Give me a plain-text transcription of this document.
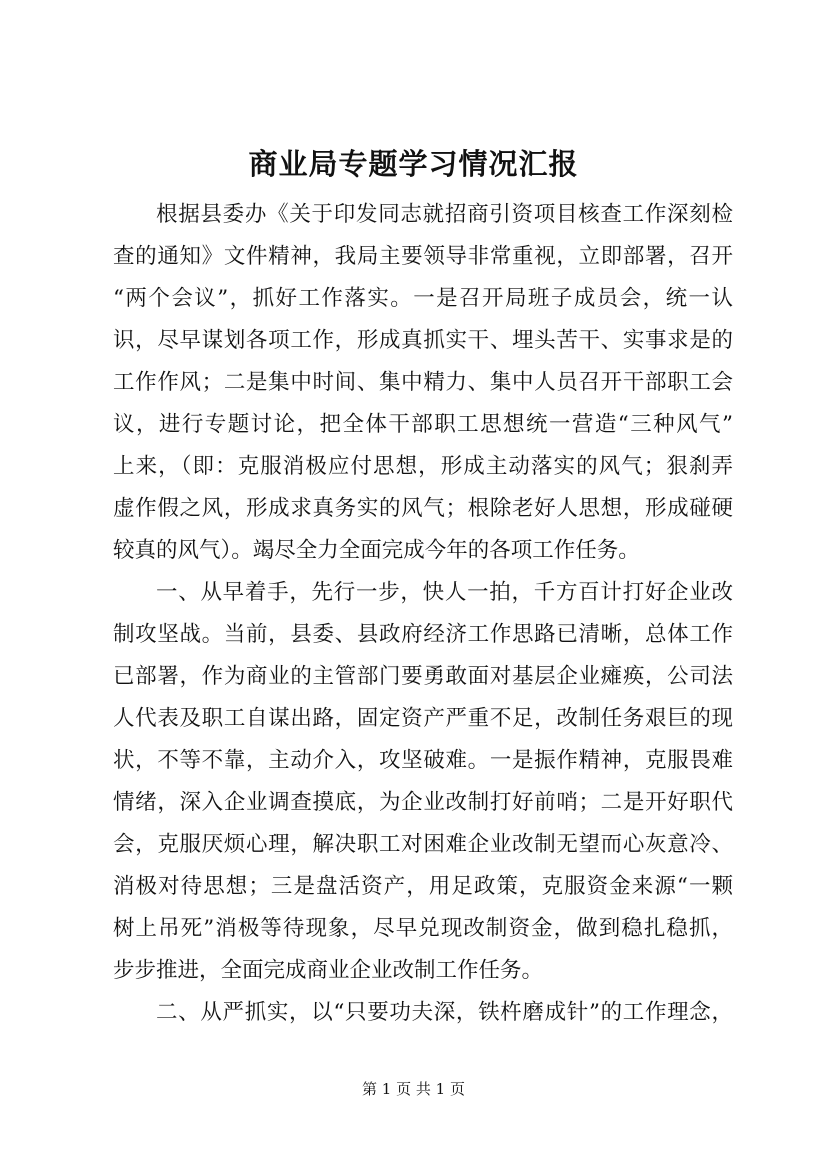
商业局专题学习情况汇报
根据县委办《关于印发同志就招商引资项目核查工作深刻检
查的通知》文件精神，我局主要领导非常重视，立即部署，召开
“两个会议”，抓好工作落实。一是召开局班子成员会，统一认
识，尽早谋划各项工作，形成真抓实干、埋头苦干、实事求是的
工作作风；二是集中时间、集中精力、集中人员召开干部职工会
议，进行专题讨论，把全体干部职工思想统一营造“三种风气”
上来，（即：克服消极应付思想，形成主动落实的风气；狠刹弄
虚作假之风，形成求真务实的风气；根除老好人思想，形成碰硬
较真的风气）。竭尽全力全面完成今年的各项工作任务。
一、从早着手，先行一步，快人一拍，千方百计打好企业改
制攻坚战。当前，县委、县政府经济工作思路已清晰，总体工作
已部署，作为商业的主管部门要勇敢面对基层企业瘫痪，公司法
人代表及职工自谋出路，固定资产严重不足，改制任务艰巨的现
状，不等不靠，主动介入，攻坚破难。一是振作精神，克服畏难
情绪，深入企业调查摸底，为企业改制打好前哨；二是开好职代
会，克服厌烦心理，解决职工对困难企业改制无望而心灰意冷、
消极对待思想；三是盘活资产，用足政策，克服资金来源“一颗
树上吊死”消极等待现象，尽早兑现改制资金，做到稳扎稳抓，
步步推进，全面完成商业企业改制工作任务。
二、从严抓实，以“只要功夫深，铁杵磨成针”的工作理念，
第 1 页 共 1 页
